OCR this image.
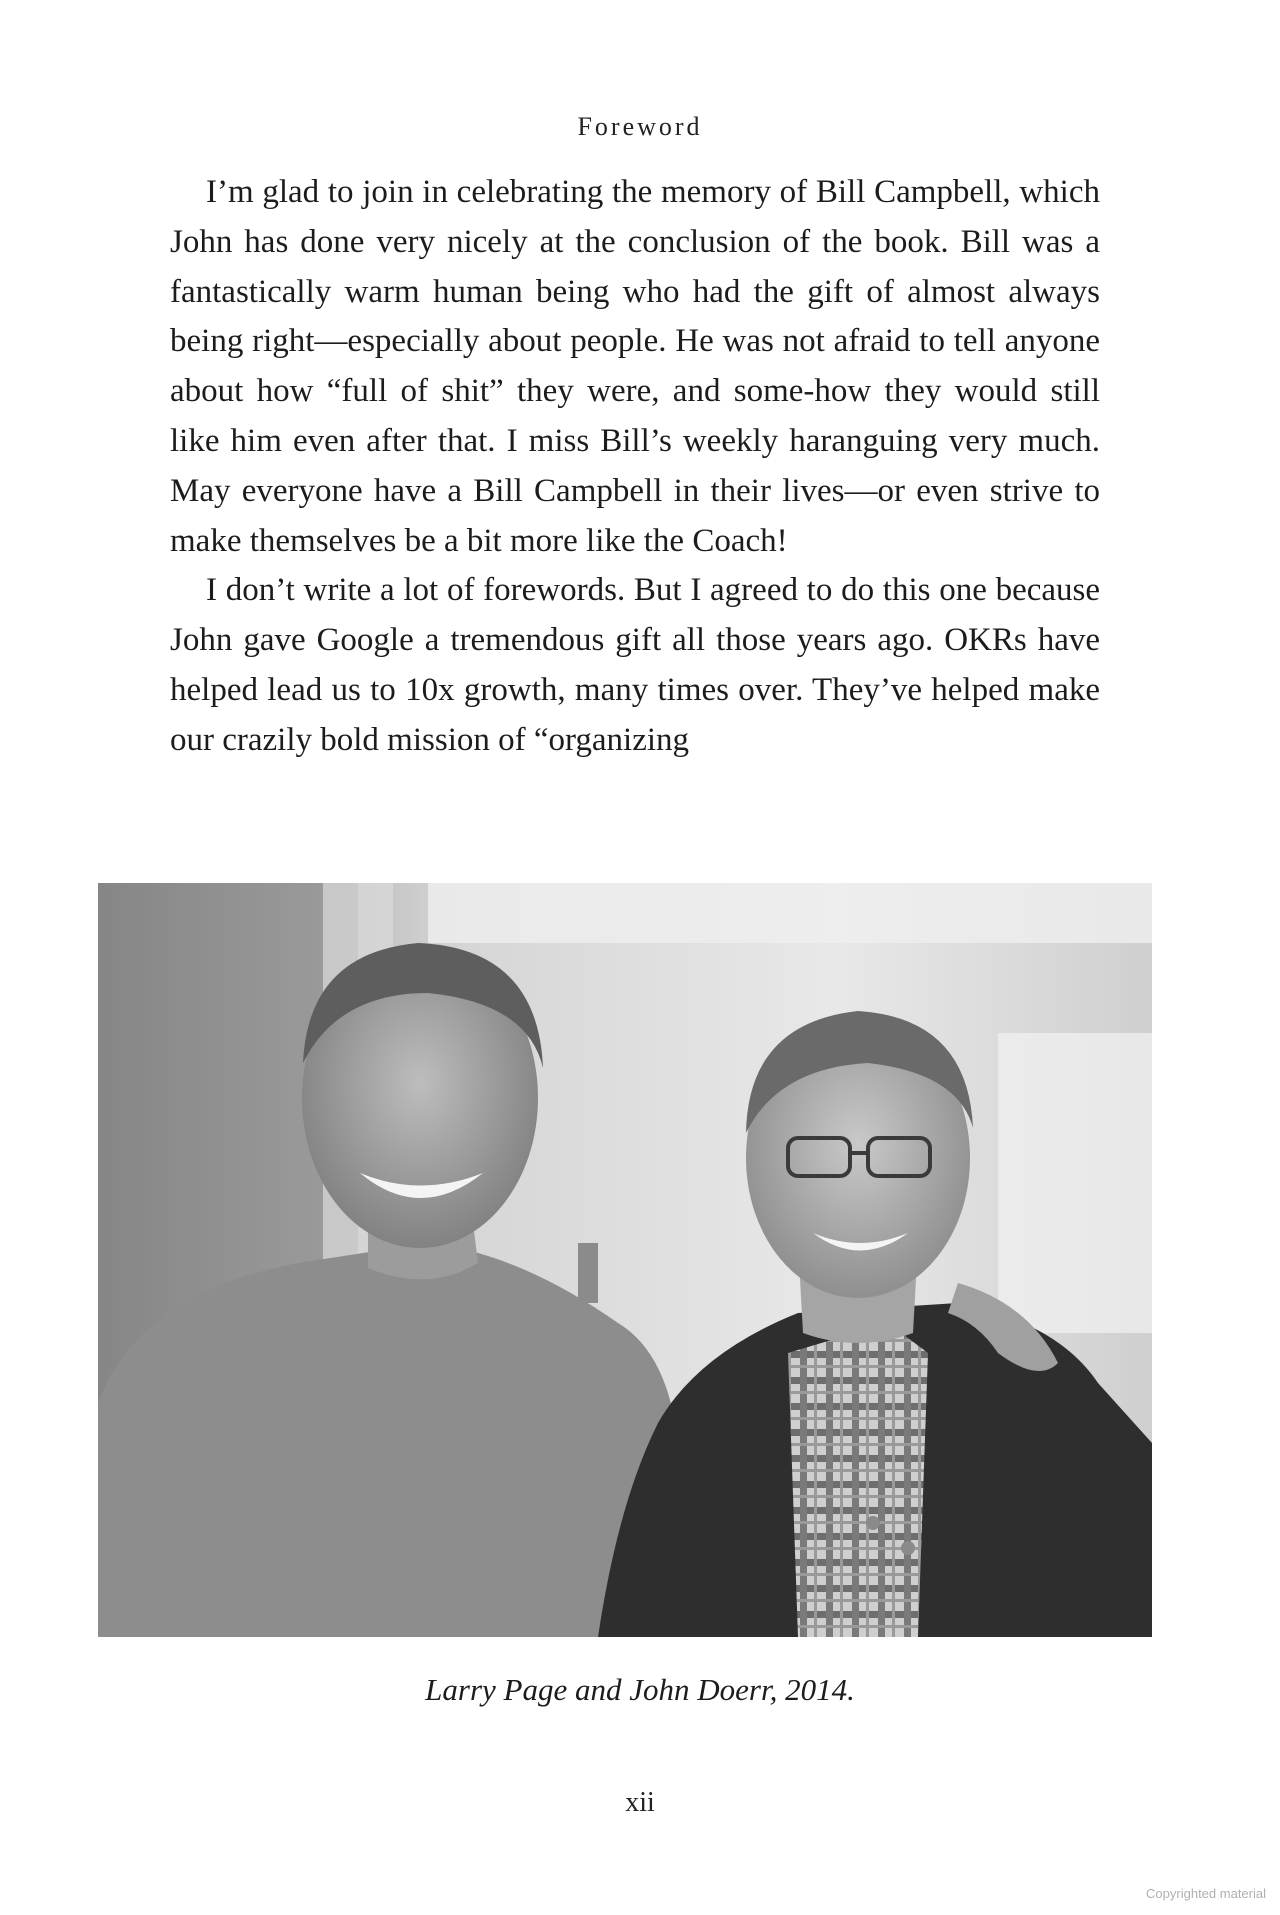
Foreword

I’m glad to join in celebrating the memory of Bill Campbell, which John has done very nicely at the conclusion of the book. Bill was a fantastically warm human being who had the gift of almost always being right—especially about people. He was not afraid to tell anyone about how “full of shit” they were, and some-how they would still like him even after that. I miss Bill’s weekly haranguing very much. May everyone have a Bill Campbell in their lives—or even strive to make themselves be a bit more like the Coach!

I don’t write a lot of forewords. But I agreed to do this one because John gave Google a tremendous gift all those years ago. OKRs have helped lead us to 10x growth, many times over. They’ve helped make our crazily bold mission of “organizing

Larry Page and John Doerr, 2014.
xii
Copyrighted material
